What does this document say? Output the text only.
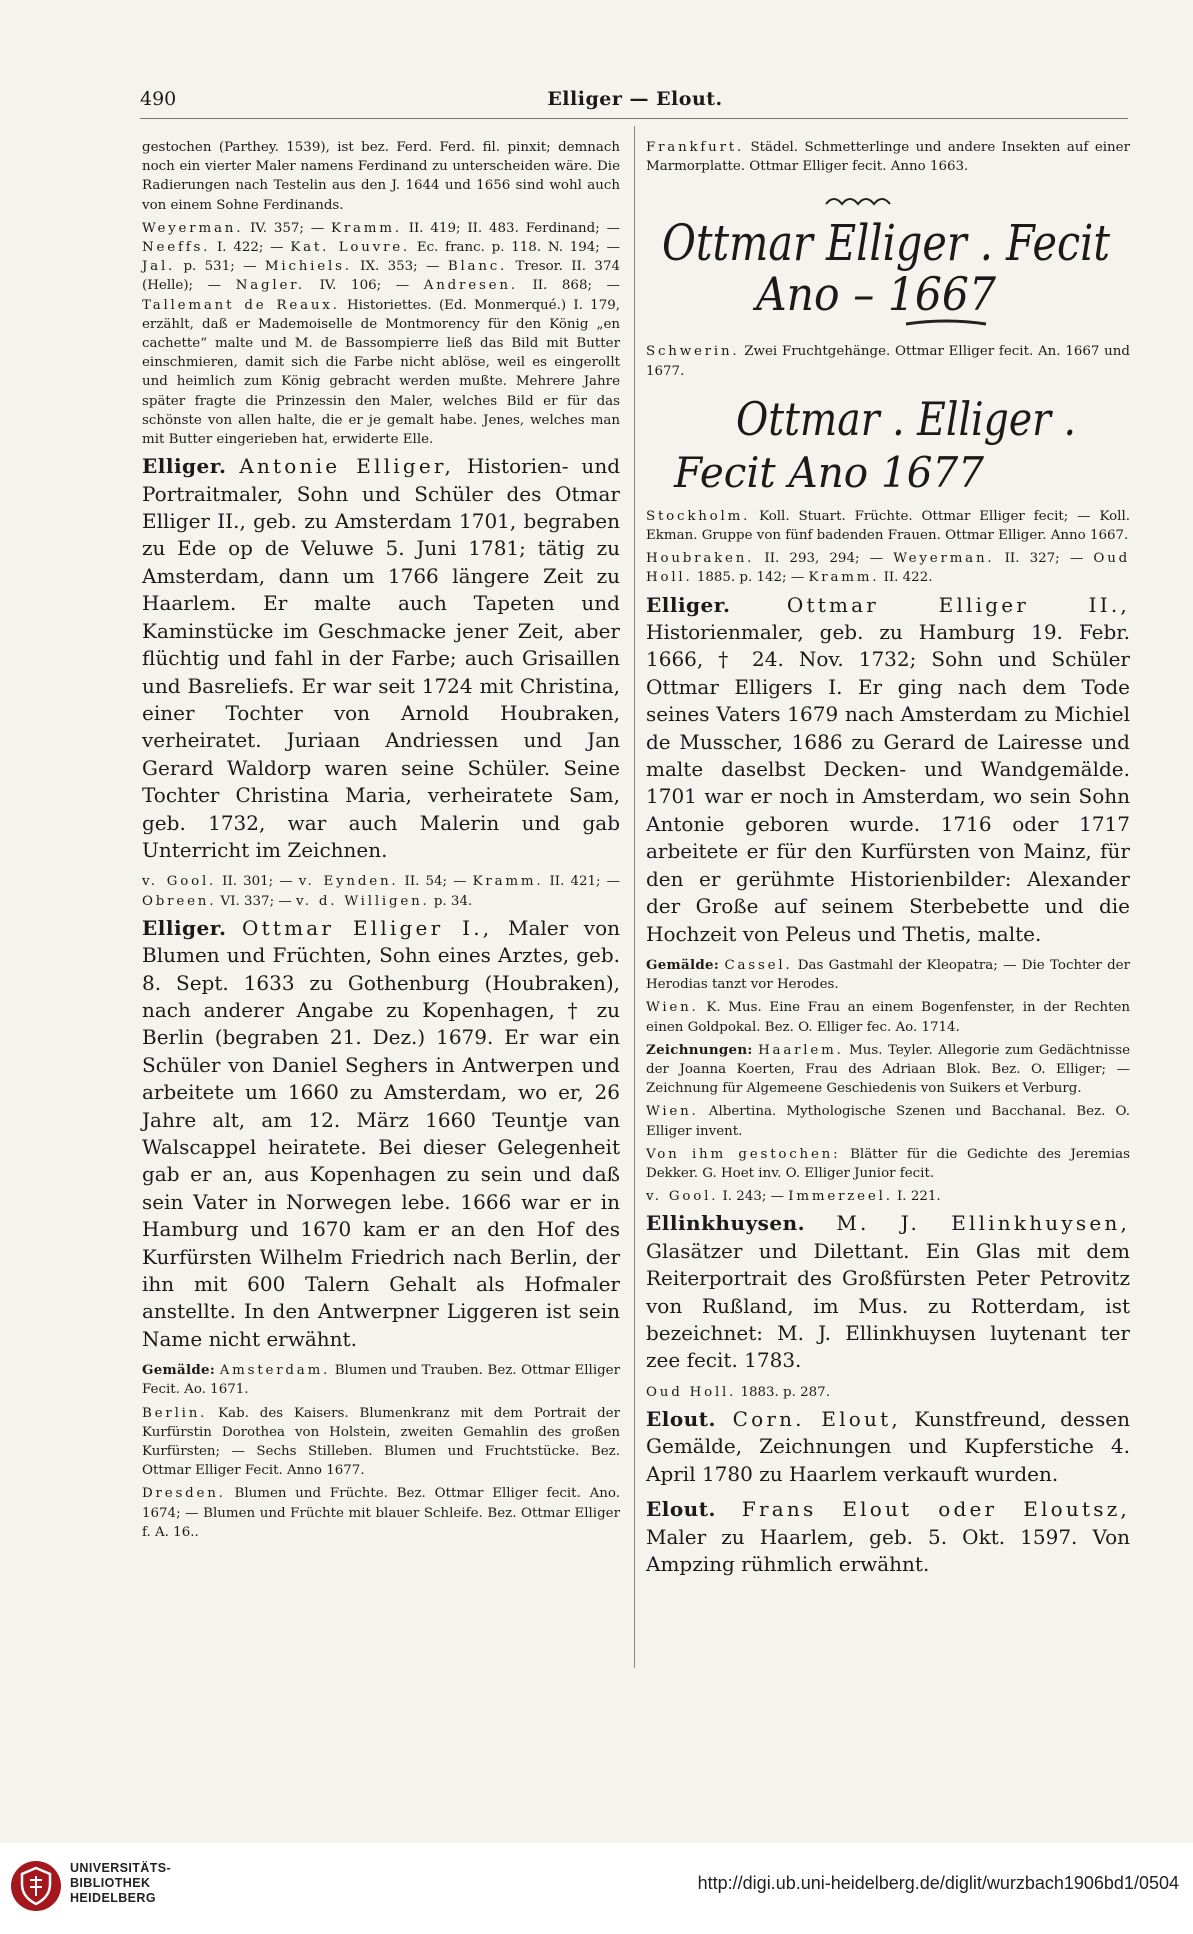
490	Elliger — Elout.

gestochen (Parthey. 1539), ist bez. Ferd. Ferd. fil. pinxit; demnach noch ein vierter Maler namens Ferdinand zu unterscheiden wäre. Die Radierungen nach Testelin aus den J. 1644 und 1656 sind wohl auch von einem Sohne Ferdinands.

Weyerman. IV. 357; — Kramm. II. 419; II. 483. Ferdinand; — Neeffs. I. 422; — Kat. Louvre. Ec. franc. p. 118. N. 194; — Jal. p. 531; — Michiels. IX. 353; — Blanc. Tresor. II. 374 (Helle); — Nagler. IV. 106; — Andresen. II. 868; — Tallemant de Reaux. Historiettes. (Ed. Monmerqué.) I. 179, erzählt, daß er Mademoiselle de Montmorency für den König „en cachette“ malte und M. de Bassompierre ließ das Bild mit Butter einschmieren, damit sich die Farbe nicht ablöse, weil es eingerollt und heimlich zum König gebracht werden mußte. Mehrere Jahre später fragte die Prinzessin den Maler, welches Bild er für das schönste von allen halte, die er je gemalt habe. Jenes, welches man mit Butter eingerieben hat, erwiderte Elle.

Elliger. Antonie Elliger, Historien- und Portraitmaler, Sohn und Schüler des Otmar Elliger II., geb. zu Amsterdam 1701, begraben zu Ede op de Veluwe 5. Juni 1781; tätig zu Amsterdam, dann um 1766 längere Zeit zu Haarlem. Er malte auch Tapeten und Kaminstücke im Geschmacke jener Zeit, aber flüchtig und fahl in der Farbe; auch Grisaillen und Basreliefs. Er war seit 1724 mit Christina, einer Tochter von Arnold Houbraken, verheiratet. Juriaan Andriessen und Jan Gerard Waldorp waren seine Schüler. Seine Tochter Christina Maria, verheiratete Sam, geb. 1732, war auch Malerin und gab Unterricht im Zeichnen.

v. Gool. II. 301; — v. Eynden. II. 54; — Kramm. II. 421; — Obreen. VI. 337; — v. d. Willigen. p. 34.

Elliger. Ottmar Elliger I., Maler von Blumen und Früchten, Sohn eines Arztes, geb. 8. Sept. 1633 zu Gothenburg (Houbraken), nach anderer Angabe zu Kopenhagen, † zu Berlin (begraben 21. Dez.) 1679. Er war ein Schüler von Daniel Seghers in Antwerpen und arbeitete um 1660 zu Amsterdam, wo er, 26 Jahre alt, am 12. März 1660 Teuntje van Walscappel heiratete. Bei dieser Gelegenheit gab er an, aus Kopenhagen zu sein und daß sein Vater in Norwegen lebe. 1666 war er in Hamburg und 1670 kam er an den Hof des Kurfürsten Wilhelm Friedrich nach Berlin, der ihn mit 600 Talern Gehalt als Hofmaler anstellte. In den Antwerpner Liggeren ist sein Name nicht erwähnt.

Gemälde: Amsterdam. Blumen und Trauben. Bez. Ottmar Elliger Fecit. Ao. 1671.

Berlin. Kab. des Kaisers. Blumenkranz mit dem Portrait der Kurfürstin Dorothea von Holstein, zweiten Gemahlin des großen Kurfürsten; — Sechs Stilleben. Blumen und Fruchtstücke. Bez. Ottmar Elliger Fecit. Anno 1677.

Dresden. Blumen und Früchte. Bez. Ottmar Elliger fecit. Ano. 1674; — Blumen und Früchte mit blauer Schleife. Bez. Ottmar Elliger f. A. 16..

Frankfurt. Städel. Schmetterlinge und andere Insekten auf einer Marmorplatte. Ottmar Elliger fecit. Anno 1663.

Ottmar Elliger . Fecit
Ano – 1667

Schwerin. Zwei Fruchtgehänge. Ottmar Elliger fecit. An. 1667 und 1677.

Ottmar . Elliger .
Fecit Ano 1677

Stockholm. Koll. Stuart. Früchte. Ottmar Elliger fecit; — Koll. Ekman. Gruppe von fünf badenden Frauen. Ottmar Elliger. Anno 1667.

Houbraken. II. 293, 294; — Weyerman. II. 327; — Oud Holl. 1885. p. 142; — Kramm. II. 422.

Elliger.	Ottmar Elliger II., Historienmaler, geb. zu Hamburg 19. Febr. 1666, † 24. Nov. 1732; Sohn und Schüler Ottmar Elligers I. Er ging nach dem Tode seines Vaters 1679 nach Amsterdam zu Michiel de Musscher, 1686 zu Gerard de Lairesse und malte daselbst Decken- und Wandgemälde. 1701 war er noch in Amsterdam, wo sein Sohn Antonie geboren wurde. 1716 oder 1717 arbeitete er für den Kurfürsten von Mainz, für den er gerühmte Historienbilder: Alexander der Große auf seinem Sterbebette und die Hochzeit von Peleus und Thetis, malte.

Gemälde: Cassel. Das Gastmahl der Kleopatra; — Die Tochter der Herodias tanzt vor Herodes.

Wien. K. Mus. Eine Frau an einem Bogenfenster, in der Rechten einen Goldpokal. Bez. O. Elliger fec. Ao. 1714.

Zeichnungen: Haarlem. Mus. Teyler. Allegorie zum Gedächtnisse der Joanna Koerten, Frau des Adriaan Blok. Bez. O. Elliger; — Zeichnung für Algemeene Geschiedenis von Suikers et Verburg.

Wien. Albertina. Mythologische Szenen und Bacchanal. Bez. O. Elliger invent.

Von ihm gestochen: Blätter für die Gedichte des Jeremias Dekker. G. Hoet inv. O. Elliger Junior fecit.

v. Gool. I. 243; — Immerzeel. I. 221.

Ellinkhuysen. M. J. Ellinkhuysen, Glasätzer und Dilettant. Ein Glas mit dem Reiterportrait des Großfürsten Peter Petrovitz von Rußland, im Mus. zu Rotterdam, ist bezeichnet: M. J. Ellinkhuysen luytenant ter zee fecit. 1783.

Oud Holl. 1883. p. 287.

Elout. Corn. Elout, Kunstfreund, dessen Gemälde, Zeichnungen und Kupferstiche 4. April 1780 zu Haarlem verkauft wurden.

Elout. Frans Elout oder Eloutsz, Maler zu Haarlem, geb. 5. Okt. 1597. Von Ampzing rühmlich erwähnt.

UNIVERSITÄTS-
BIBLIOTHEK
HEIDELBERG
http://digi.ub.uni-heidelberg.de/diglit/wurzbach1906bd1/0504
